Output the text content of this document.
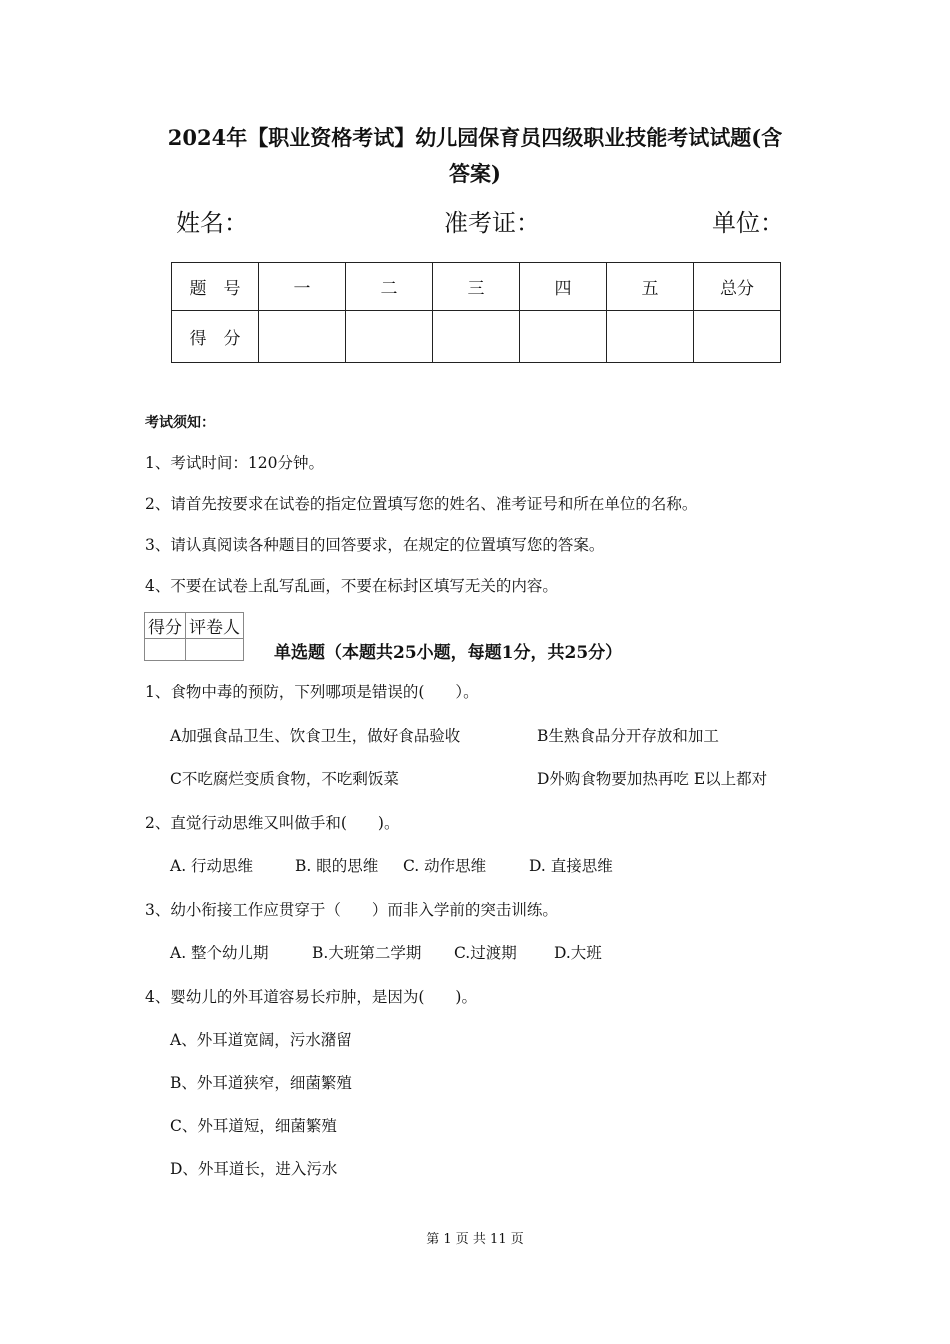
2024年【职业资格考试】幼儿园保育员四级职业技能考试试题(含
答案)
姓名：	准考证：	单位：
题　号	一	二	三	四	五	总分
得　分						
考试须知：
1、考试时间：120分钟。
2、请首先按要求在试卷的指定位置填写您的姓名、准考证号和所在单位的名称。
3、请认真阅读各种题目的回答要求，在规定的位置填写您的答案。
4、不要在试卷上乱写乱画，不要在标封区填写无关的内容。
得分	评卷人

单选题（本题共25小题，每题1分，共25分）
1、食物中毒的预防，下列哪项是错误的(　　）。
A加强食品卫生、饮食卫生，做好食品验收	B生熟食品分开存放和加工
C不吃腐烂变质食物，不吃剩饭菜	D外购食物要加热再吃 E以上都对
2、直觉行动思维又叫做手和(　　)。
A. 行动思维	B. 眼的思维 C. 动作思维	D. 直接思维
3、幼小衔接工作应贯穿于（　　）而非入学前的突击训练。
A. 整个幼儿期	B.大班第二学期 C.过渡期 D.大班
4、婴幼儿的外耳道容易长疖肿，是因为(　　)。
A、外耳道宽阔，污水潴留
B、外耳道狭窄，细菌繁殖
C、外耳道短，细菌繁殖
D、外耳道长，进入污水
第 1 页 共 11 页
